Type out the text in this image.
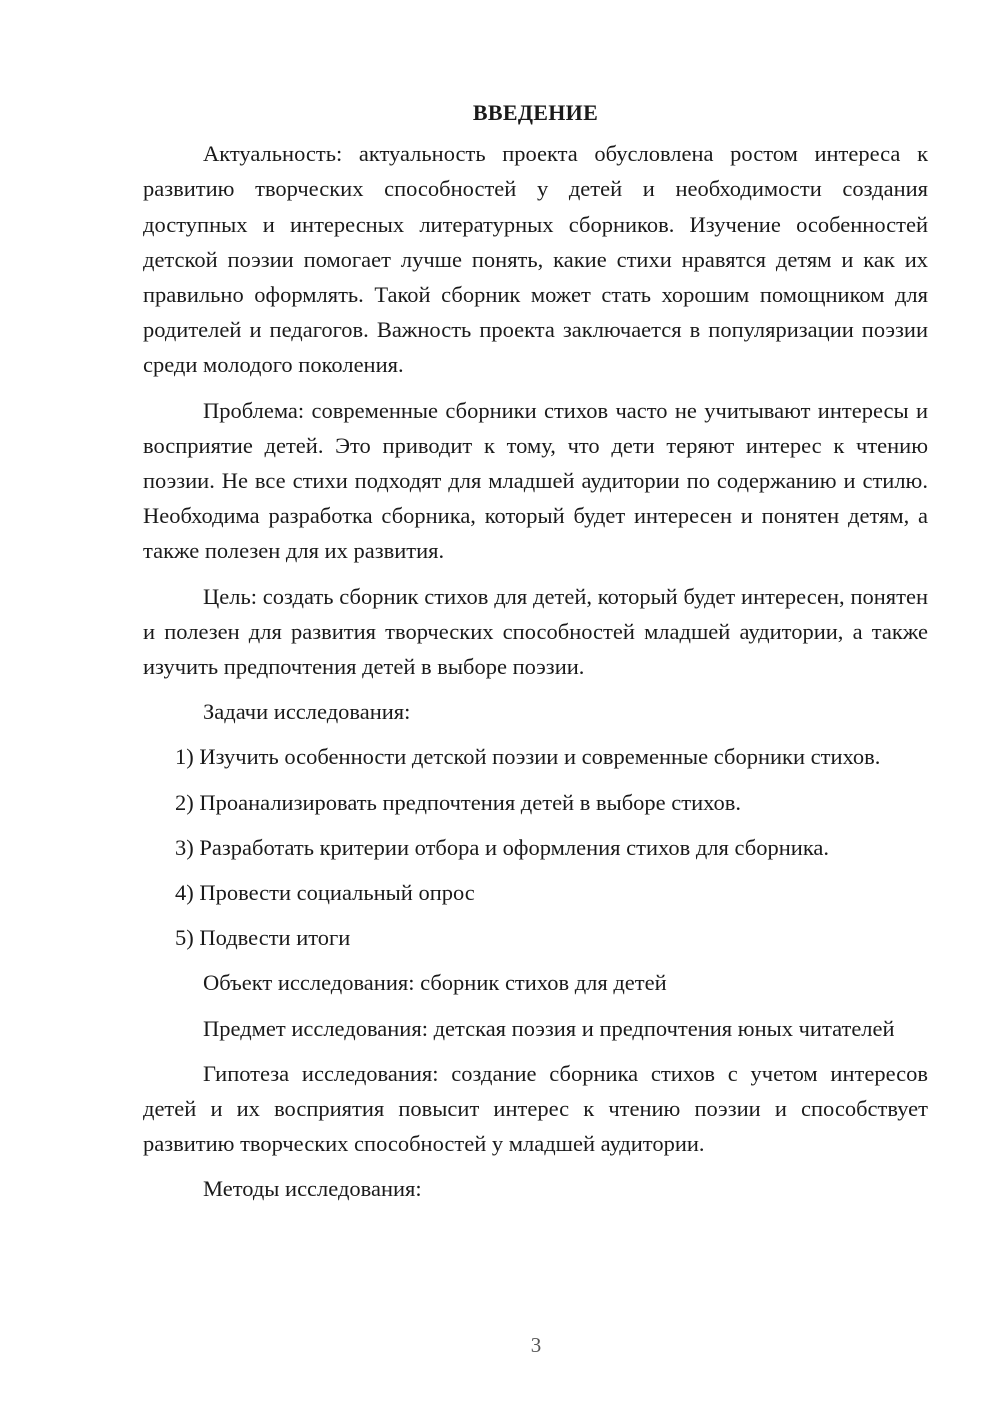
ВВЕДЕНИЕ

Актуальность: актуальность проекта обусловлена ростом интереса к развитию творческих способностей у детей и необходимости создания доступных и интересных литературных сборников. Изучение особенностей детской поэзии помогает лучше понять, какие стихи нравятся детям и как их правильно оформлять. Такой сборник может стать хорошим помощником для родителей и педагогов. Важность проекта заключается в популяризации поэзии среди молодого поколения.

Проблема: современные сборники стихов часто не учитывают интересы и восприятие детей. Это приводит к тому, что дети теряют интерес к чтению поэзии. Не все стихи подходят для младшей аудитории по содержанию и стилю. Необходима разработка сборника, который будет интересен и понятен детям, а также полезен для их развития.

Цель: создать сборник стихов для детей, который будет интересен, понятен и полезен для развития творческих способностей младшей аудитории, а также изучить предпочтения детей в выборе поэзии.

Задачи исследования:

1) Изучить особенности детской поэзии и современные сборники стихов.

2) Проанализировать предпочтения детей в выборе стихов.

3) Разработать критерии отбора и оформления стихов для сборника.

4) Провести социальный опрос

5) Подвести итоги

Объект исследования: сборник стихов для детей

Предмет исследования: детская поэзия и предпочтения юных читателей

Гипотеза исследования: создание сборника стихов с учетом интересов детей и их восприятия повысит интерес к чтению поэзии и способствует развитию творческих способностей у младшей аудитории.

Методы исследования:

3
